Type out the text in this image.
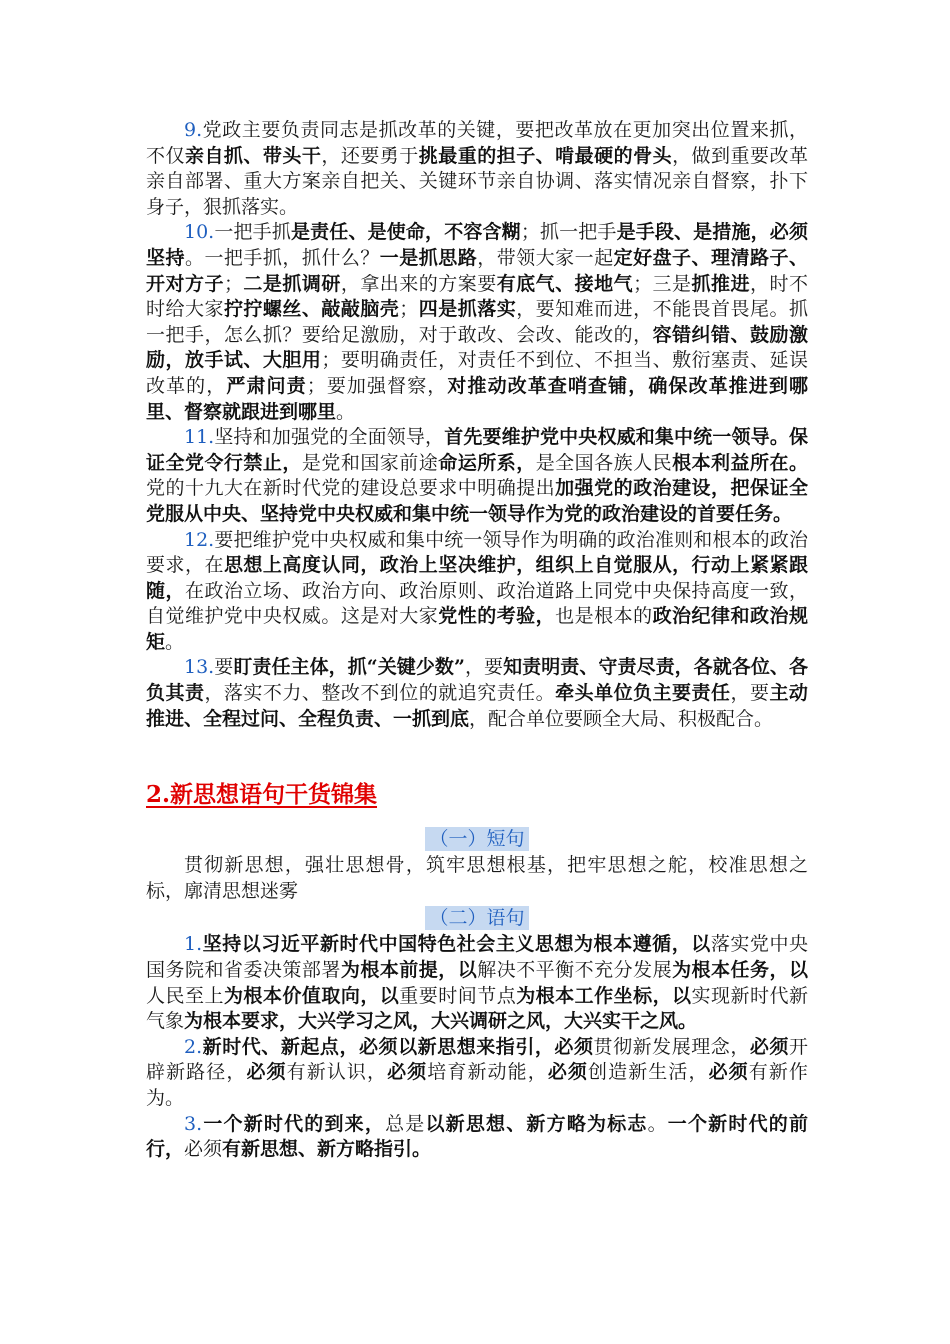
9.党政主要负责同志是抓改革的关键，要把改革放在更加突出位置来抓，不仅亲自抓、带头干，还要勇于挑最重的担子、啃最硬的骨头，做到重要改革亲自部署、重大方案亲自把关、关键环节亲自协调、落实情况亲自督察，扑下身子，狠抓落实。

10.一把手抓是责任、是使命，不容含糊；抓一把手是手段、是措施，必须坚持。一把手抓，抓什么？一是抓思路，带领大家一起定好盘子、理清路子、开对方子；二是抓调研，拿出来的方案要有底气、接地气；三是抓推进，时不时给大家拧拧螺丝、敲敲脑壳；四是抓落实，要知难而进，不能畏首畏尾。抓一把手，怎么抓？要给足激励，对于敢改、会改、能改的，容错纠错、鼓励激励，放手试、大胆用；要明确责任，对责任不到位、不担当、敷衍塞责、延误改革的，严肃问责；要加强督察，对推动改革查哨查铺，确保改革推进到哪里、督察就跟进到哪里。

11.坚持和加强党的全面领导，首先要维护党中央权威和集中统一领导。保证全党令行禁止，是党和国家前途命运所系，是全国各族人民根本利益所在。党的十九大在新时代党的建设总要求中明确提出加强党的政治建设，把保证全党服从中央、坚持党中央权威和集中统一领导作为党的政治建设的首要任务。

12.要把维护党中央权威和集中统一领导作为明确的政治准则和根本的政治要求，在思想上高度认同，政治上坚决维护，组织上自觉服从，行动上紧紧跟随，在政治立场、政治方向、政治原则、政治道路上同党中央保持高度一致，自觉维护党中央权威。这是对大家党性的考验，也是根本的政治纪律和政治规矩。

13.要盯责任主体，抓“关键少数”，要知责明责、守责尽责，各就各位、各负其责，落实不力、整改不到位的就追究责任。牵头单位负主要责任，要主动推进、全程过问、全程负责、一抓到底，配合单位要顾全大局、积极配合。

2.新思想语句干货锦集
（一）短句

贯彻新思想，强壮思想骨，筑牢思想根基，把牢思想之舵，校准思想之标，廓清思想迷雾

（二）语句

1.坚持以习近平新时代中国特色社会主义思想为根本遵循，以落实党中央国务院和省委决策部署为根本前提，以解决不平衡不充分发展为根本任务，以人民至上为根本价值取向，以重要时间节点为根本工作坐标，以实现新时代新气象为根本要求，大兴学习之风，大兴调研之风，大兴实干之风。

2.新时代、新起点，必须以新思想来指引，必须贯彻新发展理念，必须开辟新路径，必须有新认识，必须培育新动能，必须创造新生活，必须有新作为。

3.一个新时代的到来，总是以新思想、新方略为标志。一个新时代的前行，必须有新思想、新方略指引。
